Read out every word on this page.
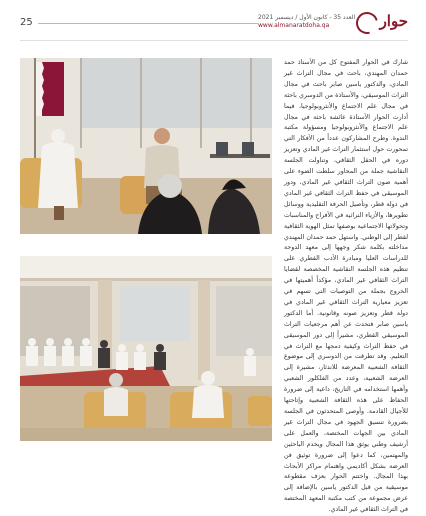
25	العدد 35 - كانون الأول / ديسمبر 2021
www.almanaratdoha.qa	حوار

شارك في الحوار المفتوح كل من الأستاذ حمد حمدان المهندي، باحث في مجال التراث غير المادي، والدكتور ياسين صابر باحث في مجال التراث الموسيقي، والأستاذة من الدوسري باحثة في مجال علم الاجتماع والأنثروبولوجيا، فيما أدارت الحوار الأستاذة عائشة باحثة في مجال علم الاجتماع والأنثروبولوجيا ومسؤولة مكتبة الندوة. وطرح المشاركون عدداً من الأفكار التي تمحورت حول استثمار التراث غير المادي وتعزيز دوره في الحقل الثقافي، وتناولت الجلسة النقاشية جملة من المحاور سلطت الضوء على أهمية صون التراث الثقافي غير المادي، ودور الموسيقى في حفظ التراث الثقافي غير المادي في دولة قطر، وتأصيل الحرفة التقليدية ووسائل تطويرها، والأزياء التراثية في الأفراح والمناسبات وتحولاتها الاجتماعية بوصفها تمثل الهوية الثقافية لقطر إلى الوطني. واستهل حمد حمدان المهندي مداخلته بكلمة شكر وجهها إلى معهد الدوحة للدراسات العليا ومبادرة الأدب القطري على تنظيم هذه الجلسة النقاشية المخصصة لقضايا التراث الثقافي غير المادي، مؤكداً أهميتها في الخروج بجملة من التوصيات التي تسهم في تعزيز معيارية التراث الثقافي غير المادي في دولة قطر وتعزيز صونه وقانونية. أما الدكتور ياسين صابر فتحدث عن أهم مرجعيات التراث الموسيقي القطري، مشيراً إلى دور الموسيقى في حفظ التراث وكيفية دمجها مع التراث في التعليم. وقد تطرقت من الدوسري إلى موضوع الثقافة الشعبية المعرضة للاندثار، مشيرة إلى العرضة الشعبية، وعدد من الفلكلور الشعبي وأهمها استخدامه في التاريخ، داعية إلى ضرورة الحفاظ على هذه الثقافة الشعبية وإتاحتها للأجيال القادمة. وأوصى المتحدثون في الجلسة بضرورة تنسيق الجهود في مجال التراث غير المادي بين الجهات المختصة، والعمل على أرشيف وطني يوثق هذا المجال ويخدم الباحثين والمهتمين، كما دعوا إلى ضرورة توثيق فن العرضة بشكل أكاديمي واهتمام مراكز الأبحاث بهذا المجال. واختتم الحوار بعزف مقطوعة موسيقية من قبل الدكتور ياسين بالإضافة إلى عرض مجموعة من كتب مكتبة المعهد المختصة في التراث الثقافي غير المادي.
